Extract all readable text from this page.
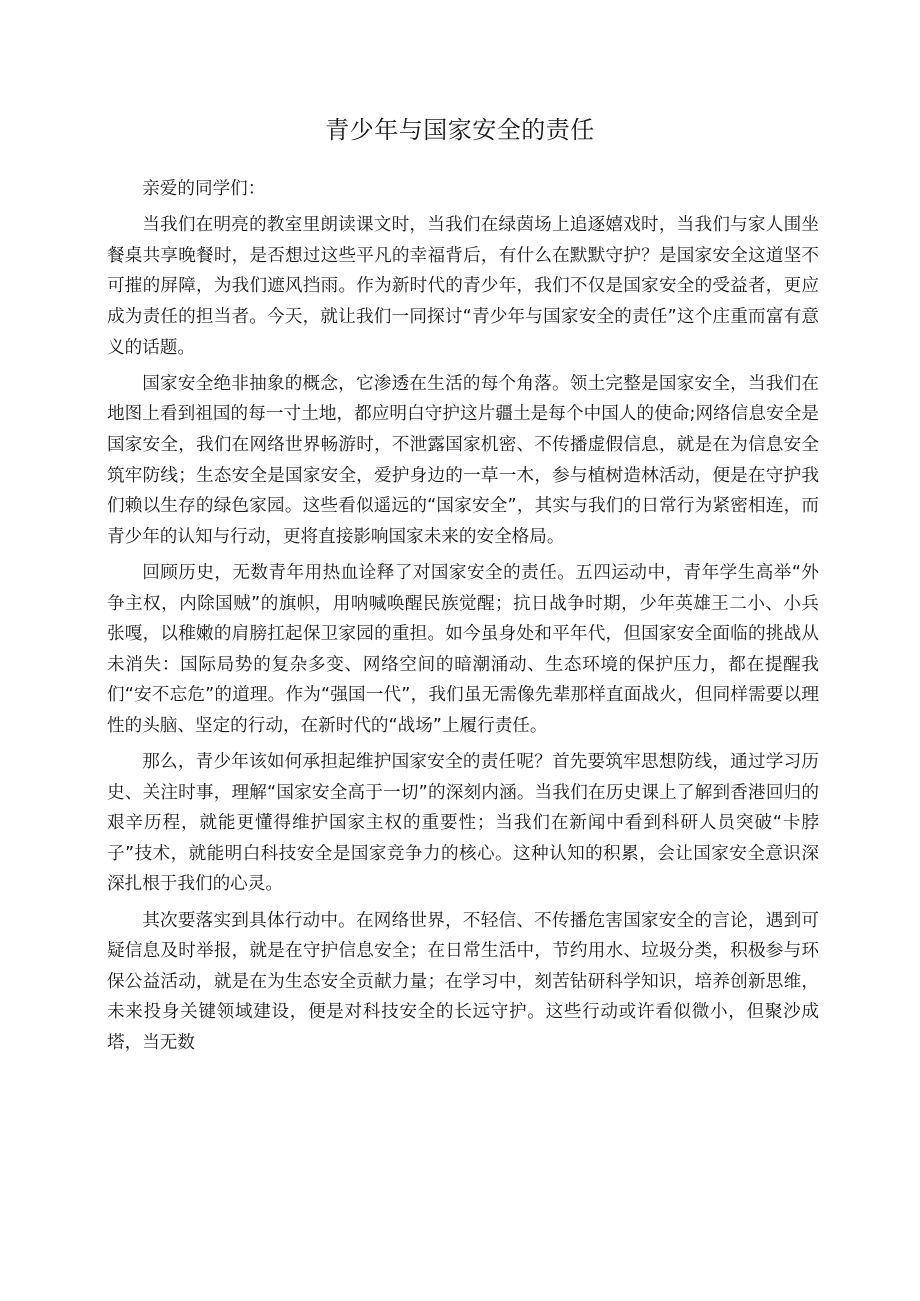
青少年与国家安全的责任

亲爱的同学们：

当我们在明亮的教室里朗读课文时，当我们在绿茵场上追逐嬉戏时，当我们与家人围坐餐桌共享晚餐时，是否想过这些平凡的幸福背后，有什么在默默守护？是国家安全这道坚不可摧的屏障，为我们遮风挡雨。作为新时代的青少年，我们不仅是国家安全的受益者，更应成为责任的担当者。今天，就让我们一同探讨“青少年与国家安全的责任”这个庄重而富有意义的话题。

国家安全绝非抽象的概念，它渗透在生活的每个角落。领土完整是国家安全，当我们在地图上看到祖国的每一寸土地，都应明白守护这片疆土是每个中国人的使命;网络信息安全是国家安全，我们在网络世界畅游时，不泄露国家机密、不传播虚假信息，就是在为信息安全筑牢防线；生态安全是国家安全，爱护身边的一草一木，参与植树造林活动，便是在守护我们赖以生存的绿色家园。这些看似遥远的“国家安全”，其实与我们的日常行为紧密相连，而青少年的认知与行动，更将直接影响国家未来的安全格局。

回顾历史，无数青年用热血诠释了对国家安全的责任。五四运动中，青年学生高举“外争主权，内除国贼”的旗帜，用呐喊唤醒民族觉醒；抗日战争时期，少年英雄王二小、小兵张嘎，以稚嫩的肩膀扛起保卫家园的重担。如今虽身处和平年代，但国家安全面临的挑战从未消失：国际局势的复杂多变、网络空间的暗潮涌动、生态环境的保护压力，都在提醒我们“安不忘危”的道理。作为“强国一代”，我们虽无需像先辈那样直面战火，但同样需要以理性的头脑、坚定的行动，在新时代的“战场”上履行责任。

那么，青少年该如何承担起维护国家安全的责任呢？首先要筑牢思想防线，通过学习历史、关注时事，理解“国家安全高于一切”的深刻内涵。当我们在历史课上了解到香港回归的艰辛历程，就能更懂得维护国家主权的重要性；当我们在新闻中看到科研人员突破“卡脖子”技术，就能明白科技安全是国家竞争力的核心。这种认知的积累，会让国家安全意识深深扎根于我们的心灵。

其次要落实到具体行动中。在网络世界，不轻信、不传播危害国家安全的言论，遇到可疑信息及时举报，就是在守护信息安全；在日常生活中，节约用水、垃圾分类，积极参与环保公益活动，就是在为生态安全贡献力量；在学习中，刻苦钻研科学知识，培养创新思维，未来投身关键领域建设，便是对科技安全的长远守护。这些行动或许看似微小，但聚沙成塔，当无数
